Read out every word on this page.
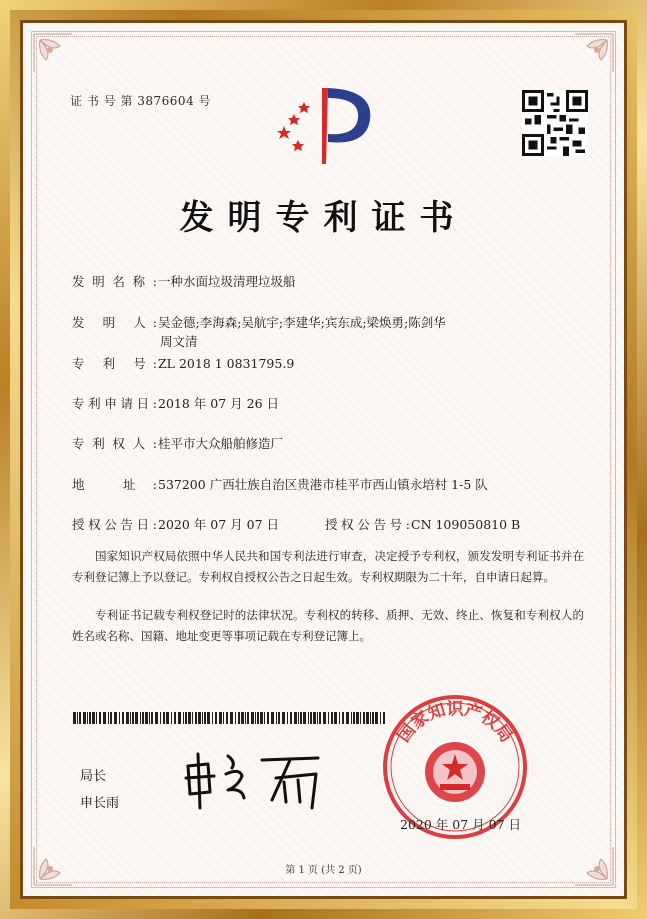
证 书 号 第 3876604 号
发明专利证书
发明名称:一种水面垃圾清理垃圾船
发 明 人:吴金德;李海森;吴航宇;李建华;宾东成;梁焕勇;陈剑华
周文清
专 利 号:ZL 2018 1 0831795.9
专利申请日:2018 年 07 月 26 日
专利权人:桂平市大众船舶修造厂
地 址:537200 广西壮族自治区贵港市桂平市西山镇永培村 1-5 队
授权公告日:2020 年 07 月 07 日	授权公告号:CN 109050810 B
国家知识产权局依照中华人民共和国专利法进行审查，决定授予专利权，颁发发明专利证书并在专利登记簿上予以登记。专利权自授权公告之日起生效。专利权期限为二十年，自申请日起算。
专利证书记载专利权登记时的法律状况。专利权的转移、质押、无效、终止、恢复和专利权人的姓名或名称、国籍、地址变更等事项记载在专利登记簿上。
局长
申长雨
国家知识产权局
2020 年 07 月 07 日
第 1 页 (共 2 页)
